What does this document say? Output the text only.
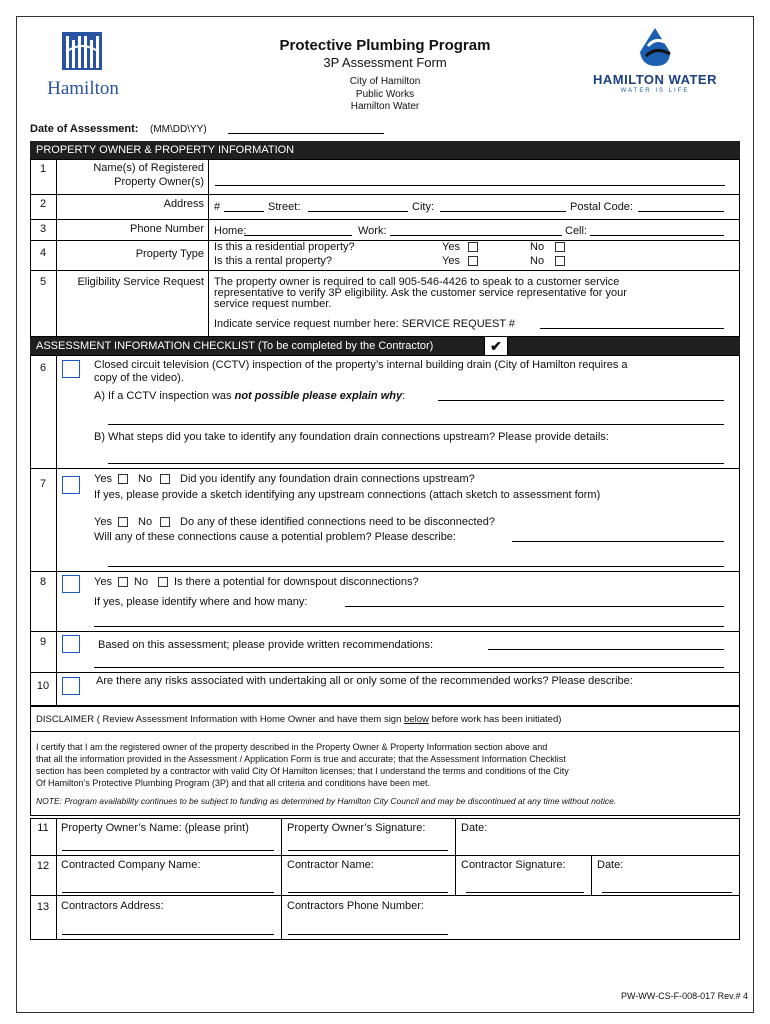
Hamilton
Protective Plumbing Program
3P Assessment Form
City of Hamilton
Public Works
Hamilton Water
HAMILTON WATER
WATER IS LIFE
Date of Assessment: (MM\DD\YY)
PROPERTY OWNER & PROPERTY INFORMATION
1	Name(s) of Registered
Property Owner(s)
2	Address #	Street:	City:	Postal Code:
3	Phone Number Home:	Work:	Cell:
4	Property Type
Is this a residential property?
Is this a rental property?
Yes	No
Yes	No
5	Eligibility Service Request The property owner is required to call 905-546-4426 to speak to a customer service
representative to verify 3P eligibility. Ask the customer service representative for your
service request number.
Indicate service request number here: SERVICE REQUEST #
ASSESSMENT INFORMATION CHECKLIST (To be completed by the Contractor)	✔
6	Closed circuit television (CCTV) inspection of the property’s internal building drain (City of Hamilton requires a
copy of the video).
A) If a CCTV inspection was not possible please explain why:
B) What steps did you take to identify any foundation drain connections upstream? Please provide details:
7	Yes No	Did you identify any foundation drain connections upstream?
If yes, please provide a sketch identifying any upstream connections (attach sketch to assessment form)
Yes No	Do any of these identified connections need to be disconnected?
Will any of these connections cause a potential problem? Please describe:
8	Yes No Is there a potential for downspout disconnections?
If yes, please identify where and how many:
9	Based on this assessment; please provide written recommendations:
10	Are there any risks associated with undertaking all or only some of the recommended works? Please describe:
DISCLAIMER ( Review Assessment Information with Home Owner and have them sign below before work has been initiated)
I certify that I am the registered owner of the property described in the Property Owner & Property Information section above and
that all the information provided in the Assessment / Application Form is true and accurate; that the Assessment Information Checklist
section has been completed by a contractor with valid City Of Hamilton licenses; that I understand the terms and conditions of the City
Of Hamilton’s Protective Plumbing Program (3P) and that all criteria and conditions have been met.
NOTE: Program availability continues to be subject to funding as determined by Hamilton City Council and may be discontinued at any time without notice.
11	Property Owner’s Name: (please print)	Property Owner’s Signature:	Date:
12	Contracted Company Name:	Contractor Name:	Contractor Signature:	Date:
13	Contractors Address:	Contractors Phone Number:
PW-WW-CS-F-008-017 Rev.# 4
